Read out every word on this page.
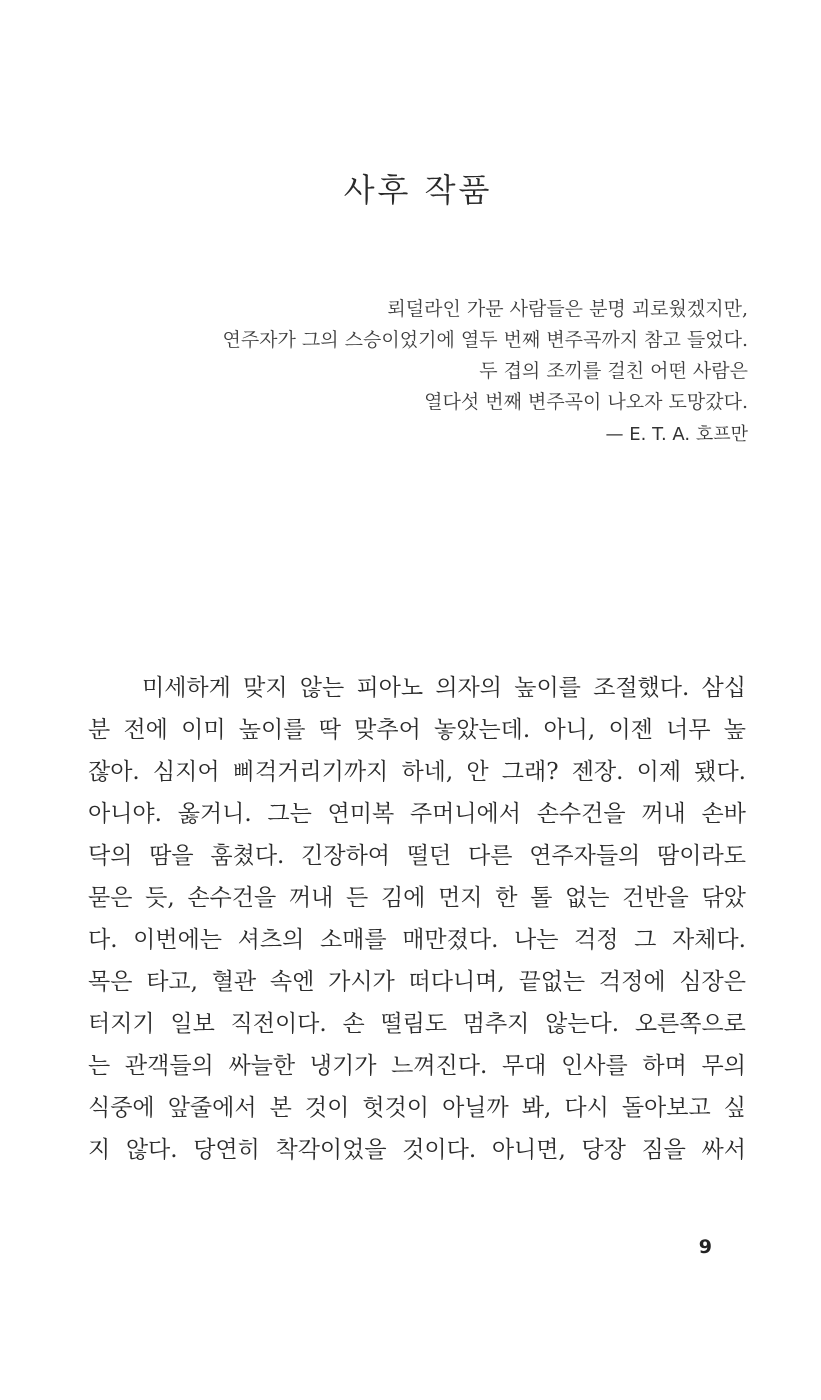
사후 작품
뢰덜라인 가문 사람들은 분명 괴로웠겠지만,
연주자가 그의 스승이었기에 열두 번째 변주곡까지 참고 들었다.
두 겹의 조끼를 걸친 어떤 사람은
열다섯 번째 변주곡이 나오자 도망갔다.
— E. T. A. 호프만
미세하게 맞지 않는 피아노 의자의 높이를 조절했다. 삼십
분 전에 이미 높이를 딱 맞추어 놓았는데. 아니, 이젠 너무 높
잖아. 심지어 삐걱거리기까지 하네, 안 그래? 젠장. 이제 됐다.
아니야. 옳거니. 그는 연미복 주머니에서 손수건을 꺼내 손바
닥의 땀을 훔쳤다. 긴장하여 떨던 다른 연주자들의 땀이라도
묻은 듯, 손수건을 꺼내 든 김에 먼지 한 톨 없는 건반을 닦았
다. 이번에는 셔츠의 소매를 매만졌다. 나는 걱정 그 자체다.
목은 타고, 혈관 속엔 가시가 떠다니며, 끝없는 걱정에 심장은
터지기 일보 직전이다. 손 떨림도 멈추지 않는다. 오른쪽으로
는 관객들의 싸늘한 냉기가 느껴진다. 무대 인사를 하며 무의
식중에 앞줄에서 본 것이 헛것이 아닐까 봐, 다시 돌아보고 싶
지 않다. 당연히 착각이었을 것이다. 아니면, 당장 짐을 싸서
9
